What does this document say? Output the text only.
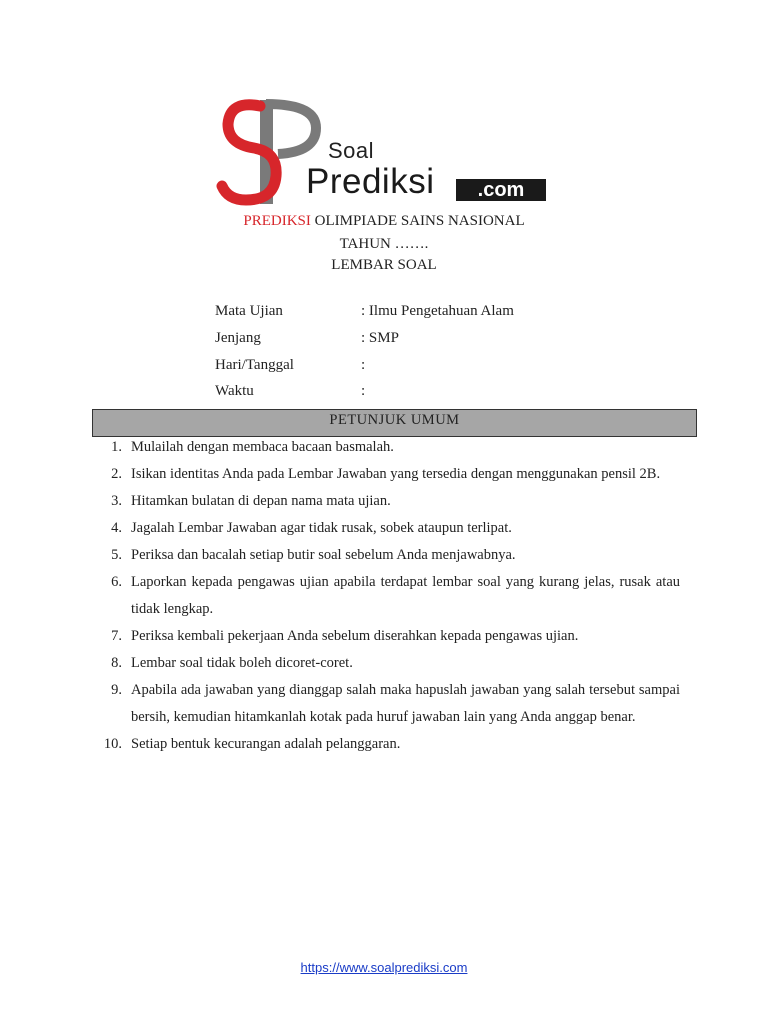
Soal
Prediksi	.com
PREDIKSI OLIMPIADE SAINS NASIONAL
TAHUN …….
LEMBAR SOAL
Mata Ujian	: Ilmu Pengetahuan Alam
Jenjang	: SMP
Hari/Tanggal	:
Waktu	:
PETUNJUK UMUM
1. Mulailah dengan membaca bacaan basmalah.
2. Isikan identitas Anda pada Lembar Jawaban yang tersedia dengan menggunakan pensil 2B.
3. Hitamkan bulatan di depan nama mata ujian.
4. Jagalah Lembar Jawaban agar tidak rusak, sobek ataupun terlipat.
5. Periksa dan bacalah setiap butir soal sebelum Anda menjawabnya.
6. Laporkan kepada pengawas ujian apabila terdapat lembar soal yang kurang jelas, rusak atau tidak lengkap.
7. Periksa kembali pekerjaan Anda sebelum diserahkan kepada pengawas ujian.
8. Lembar soal tidak boleh dicoret-coret.
9. Apabila ada jawaban yang dianggap salah maka hapuslah jawaban yang salah tersebut sampai bersih, kemudian hitamkanlah kotak pada huruf jawaban lain yang Anda anggap benar.
10. Setiap bentuk kecurangan adalah pelanggaran.
https://www.soalprediksi.com
